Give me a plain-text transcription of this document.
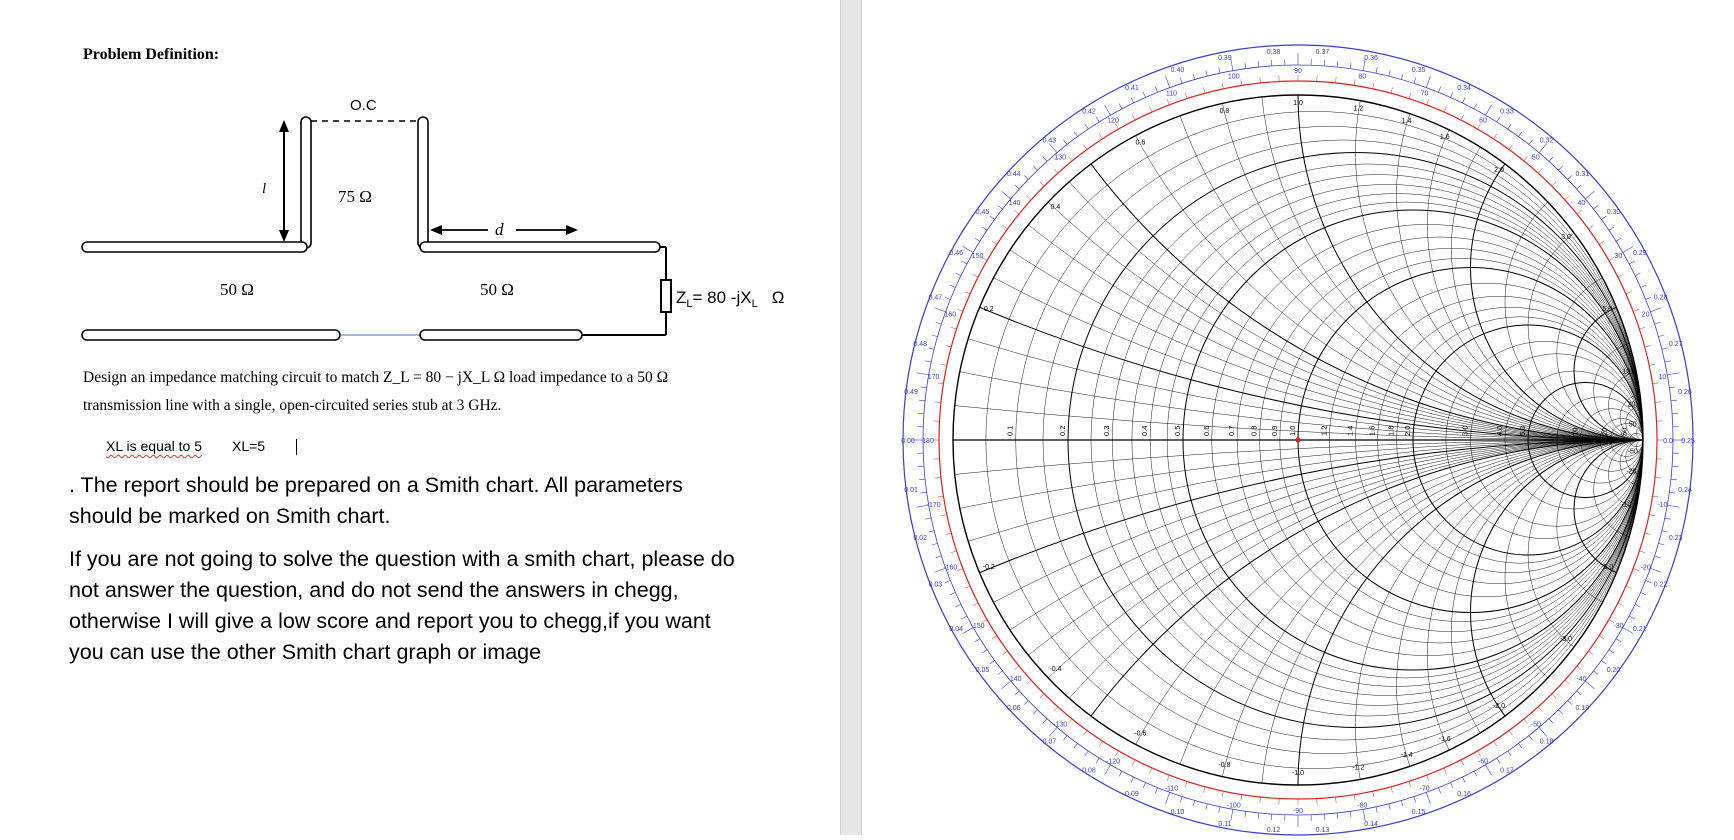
Problem Definition:
O.C
l	75 Ω
d
50 Ω	50 Ω	$Z_L= 80$ $-jX_L$ Ω
Design an impedance matching circuit to match Z_L = 80 − jX_L Ω load impedance to a 50 Ω
transmission line with a single, open-circuited series stub at 3 GHz.
XL is equal to 5 XL=5

. The report should be prepared on a Smith chart. All parameters should be marked on Smith chart.

If you are not going to solve the question with a smith chart, please do not answer the question, and do not send the answers in chegg, otherwise I will give a low score and report you to chegg,if you want you can use the other Smith chart graph or image

0.1	0.2	0.3	0.4	0.5	0.6 0.7 0.8 0.9 1.0	1.2 1.4 1.6 1.8 2.0	3.0	4.0 5.0	10	20 50
0.2
-0.2
0.4
-0.4
0.6
-0.6
0.8
-0.8
1.0
-1.0
1.2
-1.2
1.4
-1.4
1.6
-1.6
2.0
-2.0
3.0
-3.0
5.0
-5.0
10
-10
20
-20
50
-50
90
-90
80
-80
70
-70
60
-60
50
-50
40
-40
30
-30
20
-20
10
-10
0.0
100
-100
110
-110
120
-120
130
-130
140
-140
150
-150
160
-160
170
-170
180
0.00
0.01
0.02
0.03
0.04
0.05
0.06
0.07
0.08
0.09
0.10
0.11
0.12	0.13
0.14
0.15
0.16
0.17
0.18
0.19
0.20
0.21
0.22
0.23
0.24
0.25
0.26
0.27
0.28
0.29
0.30
0.31
0.32
0.33
0.34
0.35
0.36
0.37
0.38
0.39
0.40
0.41
0.42
0.43
0.44
0.45
0.46
0.47
0.48
0.49
